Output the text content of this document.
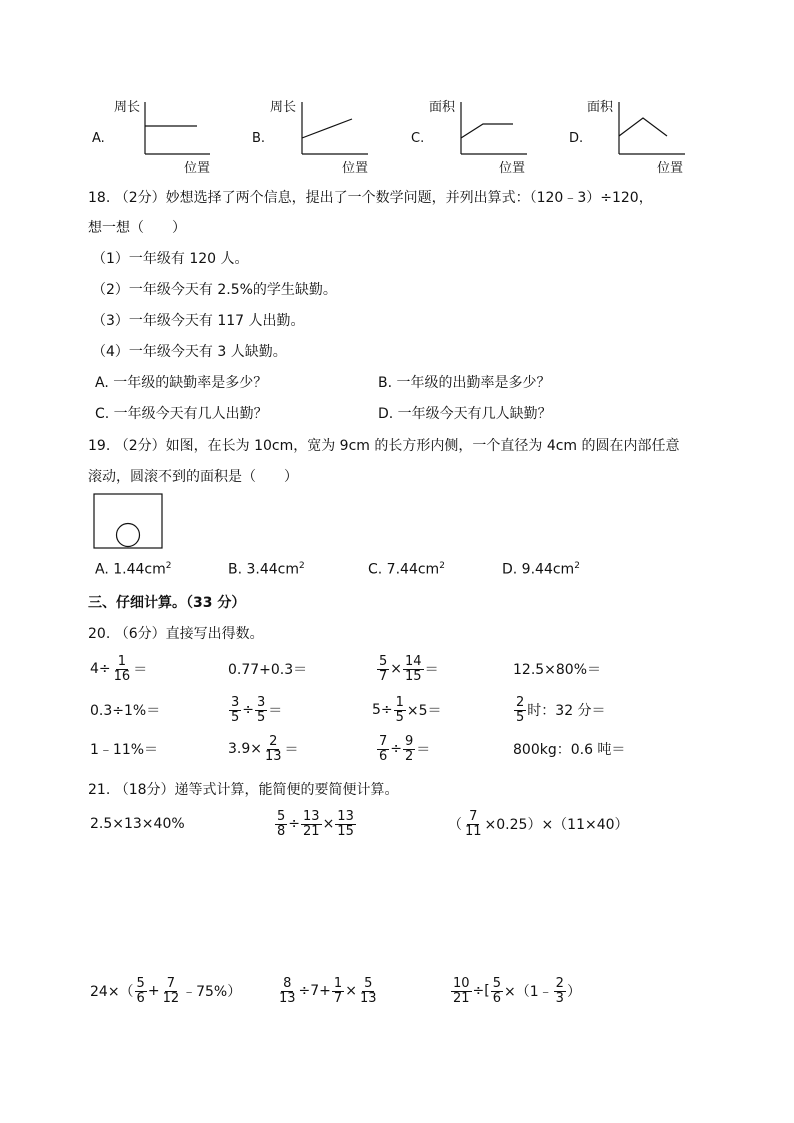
A.
周长
位置
B.
周长
位置
C.
面积
位置
D.
面积
位置
18. （2分）妙想选择了两个信息，提出了一个数学问题，并列出算式：（120﹣3）÷120，
想一想（　　）
（1）一年级有 120 人。
（2）一年级今天有 2.5%的学生缺勤。
（3）一年级今天有 117 人出勤。
（4）一年级今天有 3 人缺勤。
A. 一年级的缺勤率是多少？	B. 一年级的出勤率是多少？
C. 一年级今天有几人出勤？	D. 一年级今天有几人缺勤？
19. （2分）如图，在长为 10cm，宽为 9cm 的长方形内侧，一个直径为 4cm 的圆在内部任意
滚动，圆滚不到的面积是（　　）
A. $1.44cm^2$	B. $3.44cm^2$	C. $7.44cm^2$	D. $9.44cm^2$
三、仔细计算。（33 分）
20. （6分）直接写出得数。
$4\div \frac{1}{16}$ ＝	0.77+0.3＝	$\frac{5}{7} \times \frac{14}{15}$ ＝	12.5×80%＝
0.3÷1%＝	$\frac{3}{5} \div \frac{3}{5}$ ＝	$5\div \frac{1}{5} \times 5=$	$\frac{2}{5}$ 时：32 分＝
1﹣11%＝	$3.9\times \frac{2}{13}$ ＝	$\frac{7}{6} \div \frac{9}{2}$ ＝	800kg：0.6 吨＝
21. （18分）递等式计算，能简便的要简便计算。
2.5×13×40%	$\frac{5}{8} \div \frac{13}{21} \times \frac{13}{15}$	（ $\frac{7}{11} \times 0.25)\times(11\times 40)$
$24\times( \frac{5}{6} + \frac{7}{12}$ ﹣75%）	$\frac{8}{13} \div 7+ \frac{1}{7} \times \frac{5}{13}$	$\frac{10}{21}$ ÷[ $\frac{5}{6}$ ×（1﹣ $\frac{2}{3}$ ）
